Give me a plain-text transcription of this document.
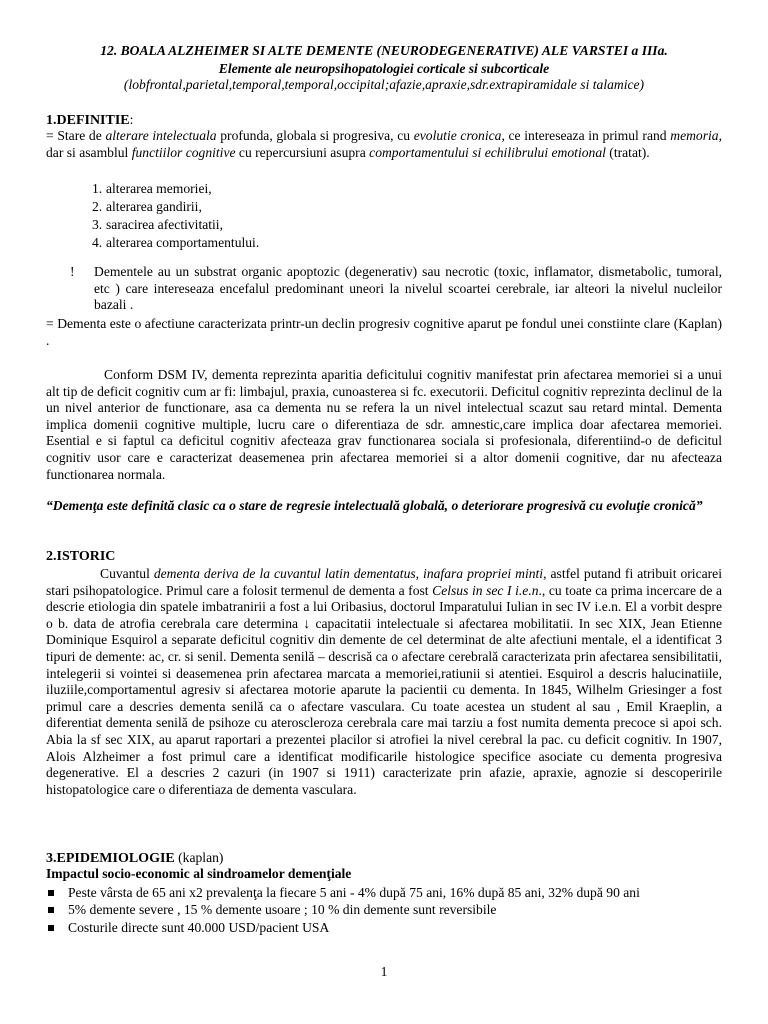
12. BOALA ALZHEIMER SI ALTE DEMENTE (NEURODEGENERATIVE) ALE VARSTEI a IIIa.

Elemente ale neuropsihopatologiei corticale si subcorticale

(lobfrontal,parietal,temporal,temporal,occipital;afazie,apraxie,sdr.extrapiramidale si talamice)

1.DEFINITIE:

= Stare de alterare intelectuala profunda, globala si progresiva, cu evolutie cronica, ce intereseaza in primul rand memoria, dar si asamblul functiilor cognitive cu repercursiuni asupra comportamentului si echilibrului emotional (tratat).

1. alterarea memoriei,
2. alterarea gandirii,
3. saracirea afectivitatii,
4. alterarea comportamentului.
! Dementele au un substrat organic apoptozic (degenerativ) sau necrotic (toxic, inflamator, dismetabolic, tumoral, etc ) care intereseaza encefalul predominant uneori la nivelul scoartei cerebrale, iar alteori la nivelul nucleilor bazali .

= Dementa este o afectiune caracterizata printr-un declin progresiv cognitive aparut pe fondul unei constiinte clare (Kaplan) .

Conform DSM IV, dementa reprezinta aparitia deficitului cognitiv manifestat prin afectarea memoriei si a unui alt tip de deficit cognitiv cum ar fi: limbajul, praxia, cunoasterea si fc. executorii. Deficitul cognitiv reprezinta declinul de la un nivel anterior de functionare, asa ca dementa nu se refera la un nivel intelectual scazut sau retard mintal. Dementa implica domenii cognitive multiple, lucru care o diferentiaza de sdr. amnestic,care implica doar afectarea memoriei. Esential e si faptul ca deficitul cognitiv afecteaza grav functionarea sociala si profesionala, diferentiind-o de deficitul cognitiv usor care e caracterizat deasemenea prin afectarea memoriei si a altor domenii cognitive, dar nu afecteaza functionarea normala.

“Demenţa este definită clasic ca o stare de regresie intelectuală globală, o deteriorare progresivă cu evoluţie cronică”

2.ISTORIC

Cuvantul dementa deriva de la cuvantul latin dementatus, inafara propriei minti, astfel putand fi atribuit oricarei stari psihopatologice. Primul care a folosit termenul de dementa a fost Celsus in sec I i.e.n., cu toate ca prima incercare de a descrie etiologia din spatele imbatranirii a fost a lui Oribasius, doctorul Imparatului Iulian in sec IV i.e.n. El a vorbit despre o b. data de atrofia cerebrala care determina ↓ capacitatii intelectuale si afectarea mobilitatii. In sec XIX, Jean Etienne Dominique Esquirol a separate deficitul cognitiv din demente de cel determinat de alte afectiuni mentale, el a identificat 3 tipuri de demente: ac, cr. si senil. Dementa senilă – descrisă ca o afectare cerebrală caracterizata prin afectarea sensibilitatii, intelegerii si vointei si deasemenea prin afectarea marcata a memoriei,ratiunii si atentiei. Esquirol a descris halucinatiile, iluziile,comportamentul agresiv si afectarea motorie aparute la pacientii cu dementa. In 1845, Wilhelm Griesinger a fost primul care a descries dementa senilă ca o afectare vasculara. Cu toate acestea un student al sau , Emil Kraeplin, a diferentiat dementa senilă de psihoze cu ateroscleroza cerebrala care mai tarziu a fost numita dementa precoce si apoi sch. Abia la sf sec XIX, au aparut raportari a prezentei placilor si atrofiei la nivel cerebral la pac. cu deficit cognitiv. In 1907, Alois Alzheimer a fost primul care a identificat modificarile histologice specifice asociate cu dementa progresiva degenerative. El a descries 2 cazuri (in 1907 si 1911) caracterizate prin afazie, apraxie, agnozie si descoperirile histopatologice care o diferentiaza de dementa vasculara.

3.EPIDEMIOLOGIE (kaplan)

Impactul socio-economic al sindroamelor demenţiale

Peste vârsta de 65 ani x2 prevalenţa la fiecare 5 ani - 4% după 75 ani, 16% după 85 ani, 32% după 90 ani
5% demente severe , 15 % demente usoare ; 10 % din demente sunt reversibile
Costurile directe sunt 40.000 USD/pacient USA
1
